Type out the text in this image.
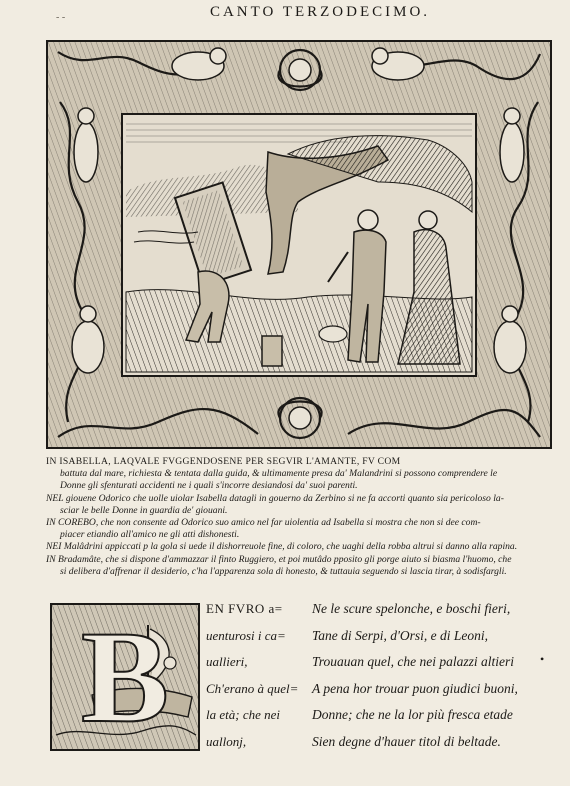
- -	CANTO TERZODECIMO.

IN ISABELLA, LAQVALE FVGGENDOSENE PER SEGVIR L'AMANTE, FV COM

battuta dal mare, richiesta & tentata dalla guida, & ultimamente presa da' Malandrini si possono comprendere le

Donne gli sfenturati accidenti ne i quali s'incorre desiandosi da' suoi parenti.

NEL giouene Odorico che uolle uiolar Isabella datagli in gouerno da Zerbino si ne fa accorti quanto sia pericoloso la-

sciar le belle Donne in guardia de' giouani.

IN COREBO, che non consente ad Odorico suo amico nel far uiolentia ad Isabella si mostra che non si dee com-

piacer etiandio all'amico ne gli atti dishonesti.

NEI Malâdrini appiccati p la gola si uede il dishorreuole fine, di coloro, che uaghi della robba altrui si danno alla rapina.

IN Bradamâte, che si dispone d'ammazzar il finto Ruggiero, et poi mutâdo pposito gli porge aiuto si biasma l'huomo, che

si delibera d'affrenar il desiderio, c'ha l'apparenza sola di honesto, & tuttauia seguendo si lascia tirar, à sodisfargli.

B	EN FVRO a=
uenturosi i ca=
uallieri,
Ch'erano à quel=
la età; che nei
uallonj,
Ne le scure spelonche, e boschi fieri,
Tane di Serpi, d'Orsi, e di Leoni,
Trouauan quel, che nei palazzi altieri
A pena hor trouar puon giudici buoni,
Donne; che ne la lor più fresca etade
Sien degne d'hauer titol di beltade.
•
